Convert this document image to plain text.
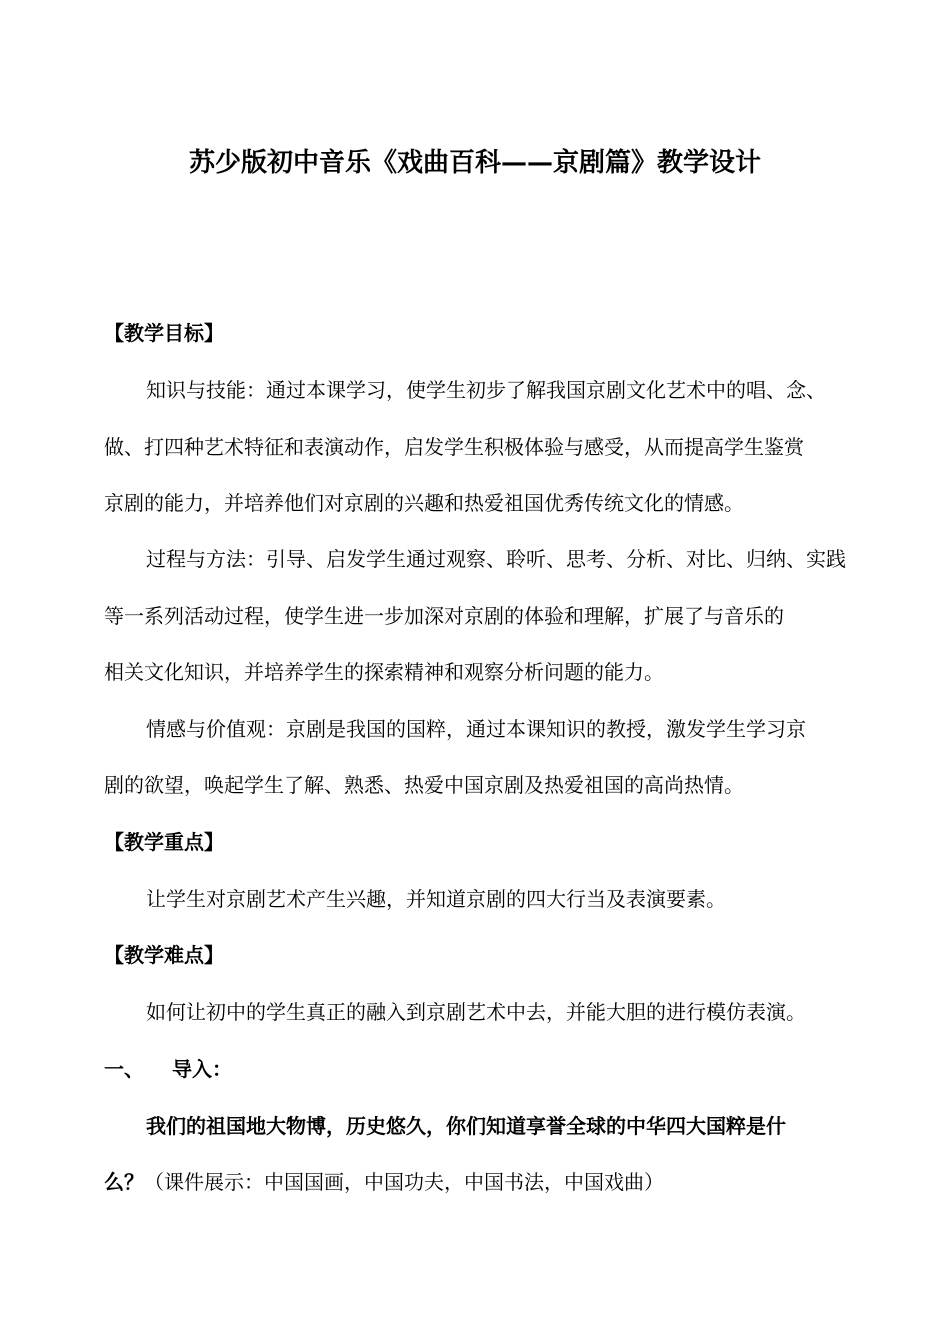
苏少版初中音乐《戏曲百科——京剧篇》教学设计
【教学目标】
知识与技能：通过本课学习，使学生初步了解我国京剧文化艺术中的唱、念、
做、打四种艺术特征和表演动作，启发学生积极体验与感受，从而提高学生鉴赏
京剧的能力，并培养他们对京剧的兴趣和热爱祖国优秀传统文化的情感。
过程与方法：引导、启发学生通过观察、聆听、思考、分析、对比、归纳、实践
等一系列活动过程，使学生进一步加深对京剧的体验和理解，扩展了与音乐的
相关文化知识，并培养学生的探索精神和观察分析问题的能力。
情感与价值观：京剧是我国的国粹，通过本课知识的教授，激发学生学习京
剧的欲望，唤起学生了解、熟悉、热爱中国京剧及热爱祖国的高尚热情。
【教学重点】
让学生对京剧艺术产生兴趣，并知道京剧的四大行当及表演要素。
【教学难点】
如何让初中的学生真正的融入到京剧艺术中去，并能大胆的进行模仿表演。
一、 导入：
我们的祖国地大物博，历史悠久，你们知道享誉全球的中华四大国粹是什
么？（课件展示：中国国画，中国功夫，中国书法，中国戏曲）
